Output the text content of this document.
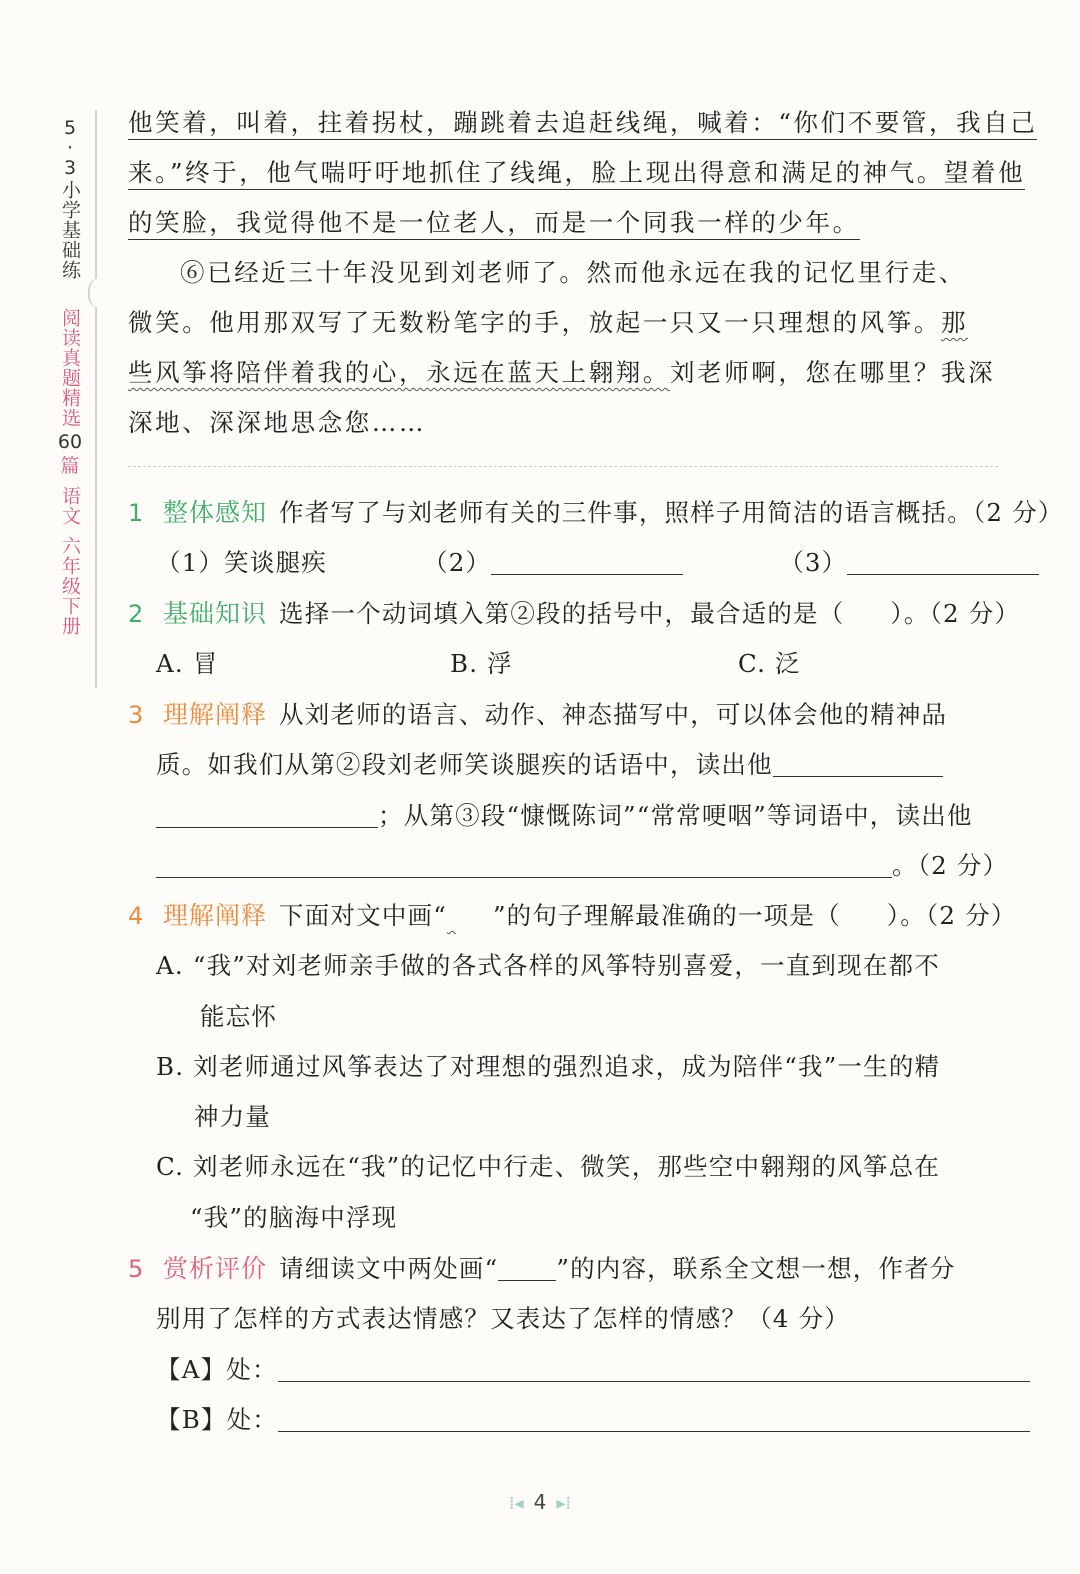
5
·
3
小学基础练
阅读真题精选
60
篇
语文
六年级下册
他笑着，叫着，拄着拐杖，蹦跳着去追赶线绳，喊着：“你们不要管，我自己
来。”终于，他气喘吁吁地抓住了线绳，脸上现出得意和满足的神气。望着他
的笑脸，我觉得他不是一位老人，而是一个同我一样的少年。
⑥已经近三十年没见到刘老师了。然而他永远在我的记忆里行走、
微笑。他用那双写了无数粉笔字的手，放起一只又一只理想的风筝。那
些风筝将陪伴着我的心，永远在蓝天上翱翔。刘老师啊，您在哪里？我深
深地、深深地思念您……
1 整体感知 作者写了与刘老师有关的三件事，照样子用简洁的语言概括。（2 分）
（1）笑谈腿疾	（2）	（3）
2 基础知识 选择一个动词填入第②段的括号中，最合适的是（ ）。（2 分）
A. 冒	B. 浮	C. 泛
3 理解阐释 从刘老师的语言、动作、神态描写中，可以体会他的精神品
质。如我们从第②段刘老师笑谈腿疾的话语中，读出他
；从第③段“慷慨陈词”“常常哽咽”等词语中，读出他
。（2 分）
4 理解阐释 下面对文中画“ ”的句子理解最准确的一项是（ ）。（2 分）
A. “我”对刘老师亲手做的各式各样的风筝特别喜爱，一直到现在都不
能忘怀
B. 刘老师通过风筝表达了对理想的强烈追求，成为陪伴“我”一生的精
神力量
C. 刘老师永远在“我”的记忆中行走、微笑，那些空中翱翔的风筝总在
“我”的脑海中浮现
5 赏析评价 请细读文中两处画“ ”的内容，联系全文想一想，作者分
别用了怎样的方式表达情感？又表达了怎样的情感？（4 分）
【A】处：
【B】处：
⁞◂ 4 ▸⁞
